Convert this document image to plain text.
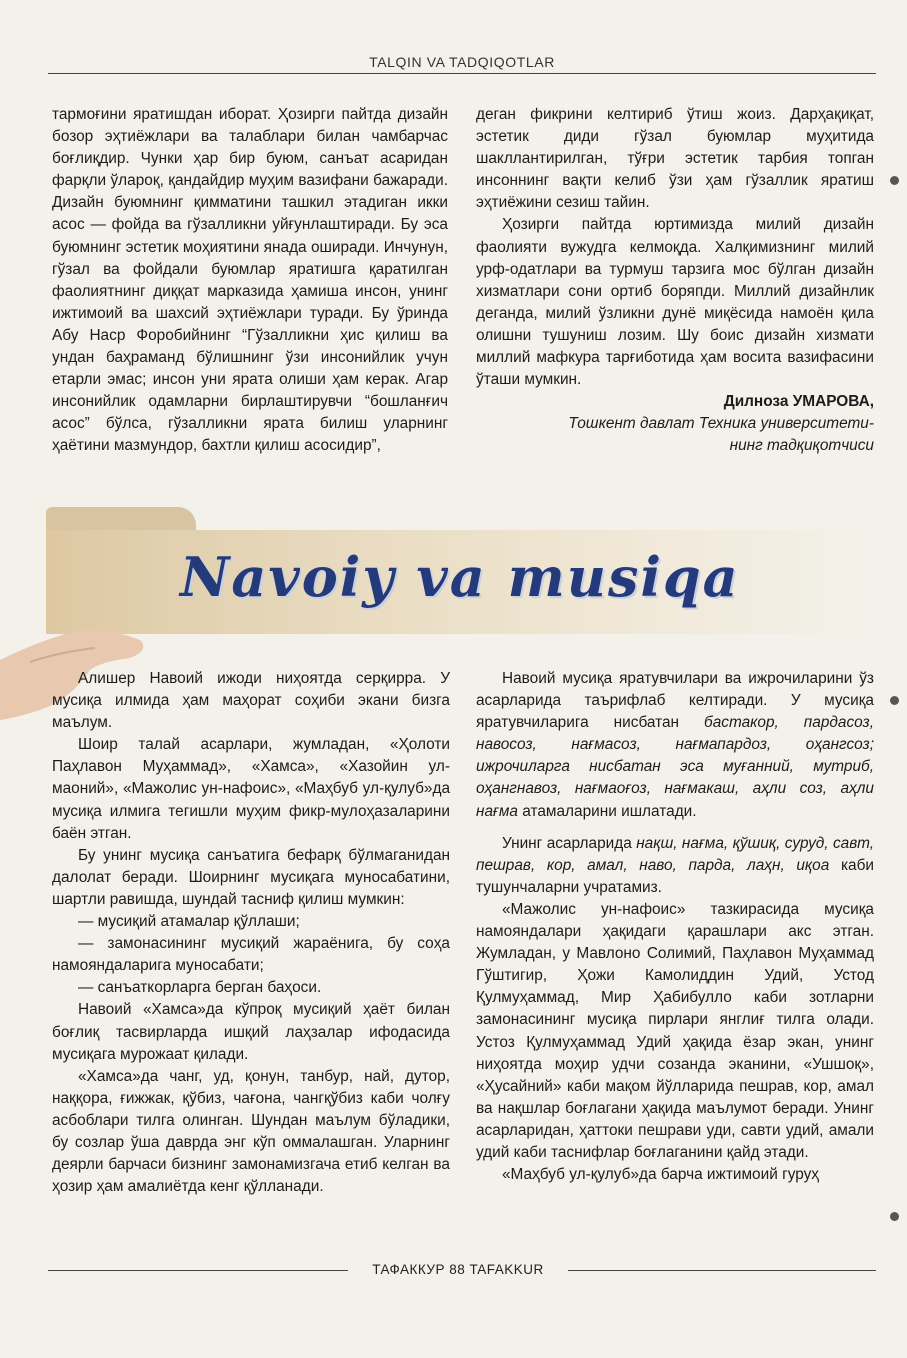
TALQIN VA TADQIQOTLAR

тармоғини яратишдан иборат. Ҳозирги пайтда дизайн бозор эҳтиёжлари ва талаблари билан чамбарчас боғлиқдир. Чунки ҳар бир буюм, санъат асаридан фарқли ўлароқ, қандайдир муҳим вазифани бажаради. Дизайн буюмнинг қимматини ташкил этадиган икки асос — фойда ва гўзалликни уйғунлаштиради. Бу эса буюмнинг эстетик моҳиятини янада оширади. Инчунун, гўзал ва фойдали буюмлар яратишга қаратилган фаолиятнинг диққат марказида ҳамиша инсон, унинг ижтимоий ва шахсий эҳтиёжлари туради. Бу ўринда Абу Наср Форобийнинг “Гўзалликни ҳис қилиш ва ундан баҳраманд бўлишнинг ўзи инсонийлик учун етарли эмас; инсон уни ярата олиши ҳам керак. Агар инсонийлик одамларни бирлаштирувчи “бошланғич асос” бўлса, гўзалликни ярата билиш уларнинг ҳаётини мазмундор, бахтли қилиш асосидир”,

деган фикрини келтириб ўтиш жоиз. Дарҳақиқат, эстетик диди гўзал буюмлар муҳитида шакллантирилган, тўғри эстетик тарбия топган инсоннинг вақти келиб ўзи ҳам гўзаллик яратиш эҳтиёжини сезиш тайин.

Ҳозирги пайтда юртимизда милий дизайн фаолияти вужудга келмоқда. Халқимизнинг милий урф-одатлари ва турмуш тарзига мос бўлган дизайн хизматлари сони ортиб боряпди. Миллий дизайнлик деганда, милий ўзликни дунё миқёсида намоён қила олишни тушуниш лозим. Шу боис дизайн хизмати миллий мафкура тарғиботида ҳам восита вазифасини ўташи мумкин.

Дилноза УМАРОВА,

Тошкент давлат Техника университети-

нинг тадқиқотчиси

Navoiy va musiqa

Алишер Навоий ижоди ниҳоятда серқирра. У мусиқа илмида ҳам маҳорат соҳиби экани бизга маълум.

Шоир талай асарлари, жумладан, «Ҳолоти Паҳлавон Муҳаммад», «Хамса», «Хазойин ул-маоний», «Мажолис ун-нафоис», «Маҳбуб ул-қулуб»да мусиқа илмига тегишли муҳим фикр-мулоҳазаларини баён этган.

Бу унинг мусиқа санъатига бефарқ бўлмаганидан далолат беради. Шоирнинг мусиқага муносабатини, шартли равишда, шундай тасниф қилиш мумкин:

— мусиқий атамалар қўллаши;

— замонасининг мусиқий жараёнига, бу соҳа намояндаларига муносабати;

— санъаткорларга берган баҳоси.

Навоий «Хамса»да кўпроқ мусиқий ҳаёт билан боғлиқ тасвирларда ишқий лаҳзалар ифодасида мусиқага мурожаат қилади.

«Хамса»да чанг, уд, қонун, танбур, най, дутор, наққора, ғижжак, қўбиз, чағона, чангқўбиз каби чолғу асбоблари тилга олинган. Шундан маълум бўладики, бу созлар ўша даврда энг кўп оммалашган. Уларнинг деярли барчаси бизнинг замонамизгача етиб келган ва ҳозир ҳам амалиётда кенг қўлланади.

Навоий мусиқа яратувчилари ва ижрочиларини ўз асарларида таърифлаб келтиради. У мусиқа яратувчиларига нисбатан бастакор, пардасоз, навосоз, нағмасоз, нағмапардоз, оҳангсоз; ижрочиларга нисбатан эса муғанний, мутриб, оҳангнавоз, нағмаоғоз, нағмакаш, аҳли соз, аҳли нағма атамаларини ишлатади.

Унинг асарларида нақш, нағма, қўшиқ, суруд, савт, пешрав, кор, амал, наво, парда, лаҳн, иқоа каби тушунчаларни учратамиз.

«Мажолис ун-нафоис» тазкирасида мусиқа намояндалари ҳақидаги қарашлари акс этган. Жумладан, у Мавлоно Солимий, Паҳлавон Муҳаммад Гўштигир, Ҳожи Камолиддин Удий, Устод Қулмуҳаммад, Мир Ҳабибулло каби зотларни замонасининг мусиқа пирлари янглиғ тилга олади. Устоз Қулмуҳаммад Удий ҳақида ёзар экан, унинг ниҳоятда моҳир удчи созанда эканини, «Ушшоқ», «Ҳусайний» каби мақом йўлларида пешрав, кор, амал ва нақшлар боғлагани ҳақида маълумот беради. Унинг асарларидан, ҳаттоки пешрави уди, савти удий, амали удий каби таснифлар боғлаганини қайд этади.

«Маҳбуб ул-қулуб»да барча ижтимоий гуруҳ

ТАФАККУР 88 TAFAKKUR
